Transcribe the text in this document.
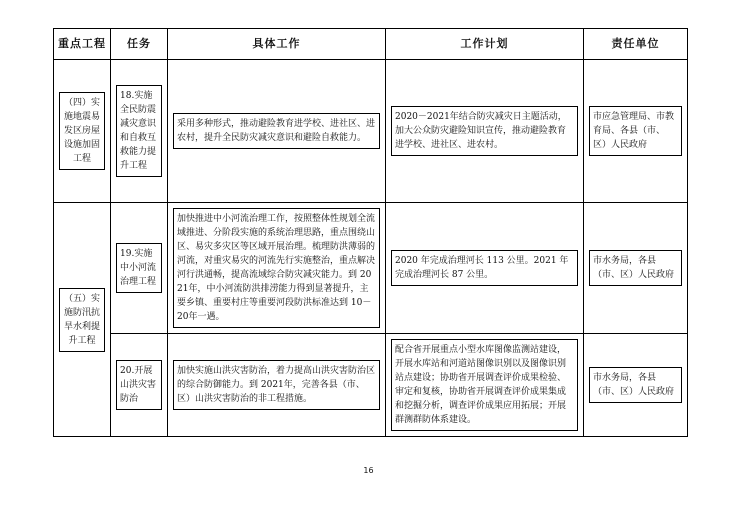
重点工程	任务	具体工作	工作计划	责任单位

（四）实施地震易发区房屋设施加固工程	18.实施全民防震减灾意识和自救互救能力提升工程	采用多种形式，推动避险教育进学校、进社区、进农村，提升全民防灾减灾意识和避险自救能力。	2020－2021年结合防灾减灾日主题活动，加大公众防灾避险知识宣传，推动避险教育进学校、进社区、进农村。	市应急管理局、市教育局、各县（市、区）人民政府

（五）实施防汛抗旱水利提升工程	19.实施中小河流治理工程	加快推进中小河流治理工作，按照整体性规划全流域推进、分阶段实施的系统治理思路，重点围绕山区、易灾多灾区等区域开展治理。梳理防洪薄弱的河流，对重灾易灾的河流先行实施整治，重点解决河行洪通畅，提高流域综合防灾减灾能力。到 2021年，中小河流防洪排涝能力得到显著提升，主要乡镇、重要村庄等重要河段防洪标准达到 10－20年一遇。	2020 年完成治理河长 113 公里。2021 年完成治理河长 87 公里。	市水务局，各县（市、区）人民政府

	20.开展山洪灾害防治	加快实施山洪灾害防治，着力提高山洪灾害防治区的综合防御能力。到 2021年，完善各县（市、区）山洪灾害防治的非工程措施。	配合省开展重点小型水库图像监测站建设，开展水库站和河道站图像识别以及图像识别站点建设；协助省开展调查评价成果检验、审定和复核，协助省开展调查评价成果集成和挖掘分析，调查评价成果应用拓展；开展群测群防体系建设。	市水务局，各县（市、区）人民政府
16
